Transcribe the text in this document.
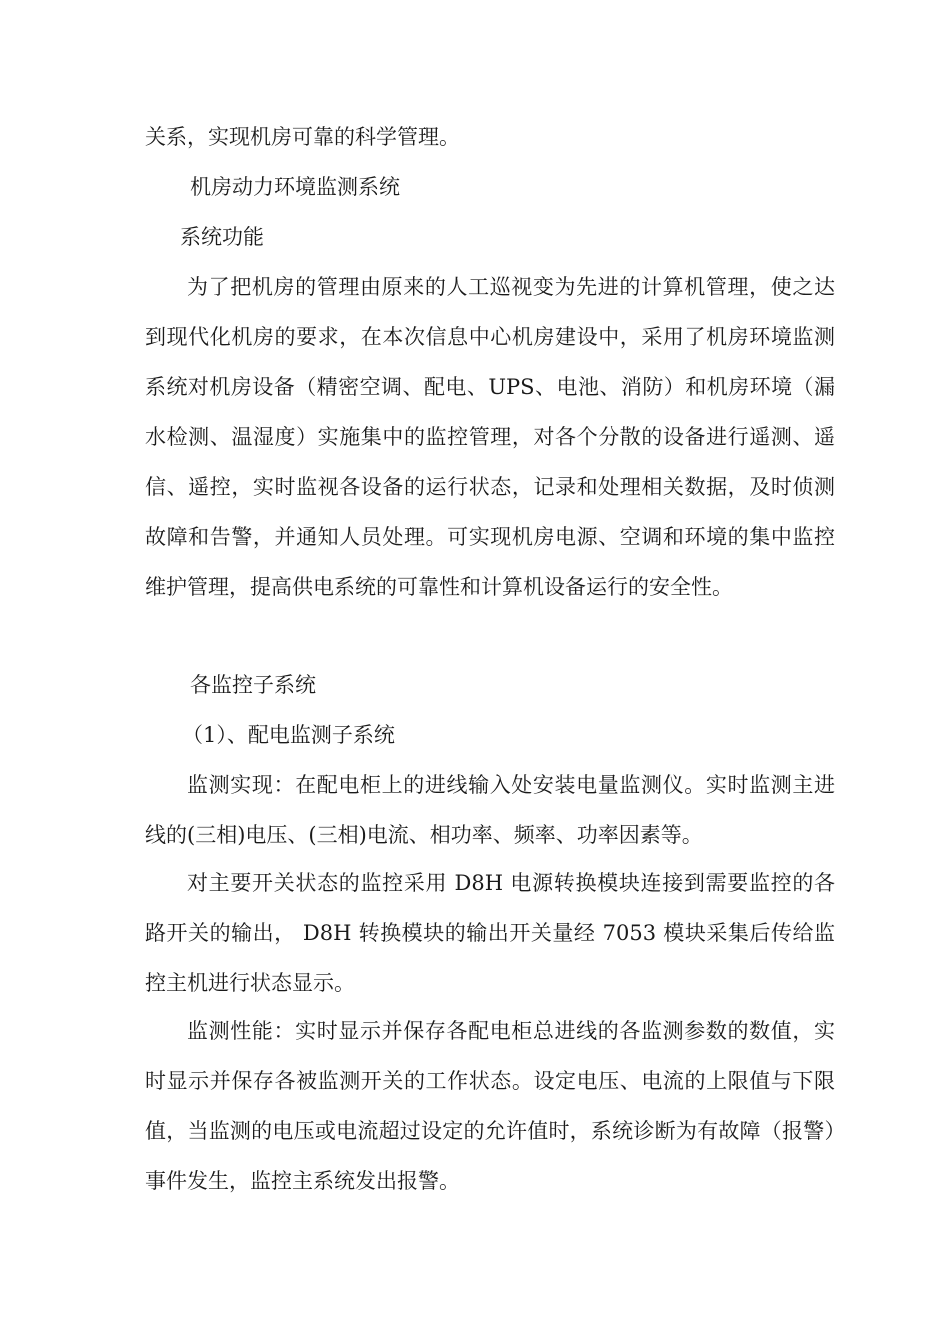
关系，实现机房可靠的科学管理。

机房动力环境监测系统

系统功能

为了把机房的管理由原来的人工巡视变为先进的计算机管理，使之达到现代化机房的要求，在本次信息中心机房建设中，采用了机房环境监测系统对机房设备（精密空调、配电、UPS、电池、消防）和机房环境（漏水检测、温湿度）实施集中的监控管理，对各个分散的设备进行遥测、遥信、遥控，实时监视各设备的运行状态，记录和处理相关数据，及时侦测故障和告警，并通知人员处理。可实现机房电源、空调和环境的集中监控维护管理，提高供电系统的可靠性和计算机设备运行的安全性。

各监控子系统

（1）、配电监测子系统

监测实现：在配电柜上的进线输入处安装电量监测仪。实时监测主进线的(三相)电压、(三相)电流、相功率、频率、功率因素等。

对主要开关状态的监控采用 D8H 电源转换模块连接到需要监控的各路开关的输出， D8H 转换模块的输出开关量经 7053 模块采集后传给监控主机进行状态显示。

监测性能：实时显示并保存各配电柜总进线的各监测参数的数值，实时显示并保存各被监测开关的工作状态。设定电压、电流的上限值与下限值，当监测的电压或电流超过设定的允许值时，系统诊断为有故障（报警）事件发生，监控主系统发出报警。
